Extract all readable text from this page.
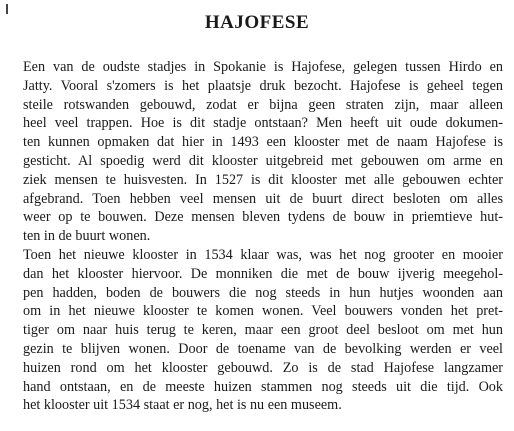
HAJOFESE
Een van de oudste stadjes in Spokanie is Hajofese, gelegen tussen Hirdo en
Jatty. Vooral s'zomers is het plaatsje druk bezocht. Hajofese is geheel tegen
steile rotswanden gebouwd, zodat er bijna geen straten zijn, maar alleen
heel veel trappen. Hoe is dit stadje ontstaan? Men heeft uit oude dokumen-
ten kunnen opmaken dat hier in 1493 een klooster met de naam Hajofese is
gesticht. Al spoedig werd dit klooster uitgebreid met gebouwen om arme en
ziek mensen te huisvesten. In 1527 is dit klooster met alle gebouwen echter
afgebrand. Toen hebben veel mensen uit de buurt direct besloten om alles
weer op te bouwen. Deze mensen bleven tydens de bouw in priemtieve hut-
ten in de buurt wonen.
Toen het nieuwe klooster in 1534 klaar was, was het nog grooter en mooier
dan het klooster hiervoor. De monniken die met de bouw ijverig meegehol-
pen hadden, boden de bouwers die nog steeds in hun hutjes woonden aan
om in het nieuwe klooster te komen wonen. Veel bouwers vonden het pret-
tiger om naar huis terug te keren, maar een groot deel besloot om met hun
gezin te blijven wonen. Door de toename van de bevolking werden er veel
huizen rond om het klooster gebouwd. Zo is de stad Hajofese langzamer
hand ontstaan, en de meeste huizen stammen nog steeds uit die tijd. Ook
het klooster uit 1534 staat er nog, het is nu een museem.
